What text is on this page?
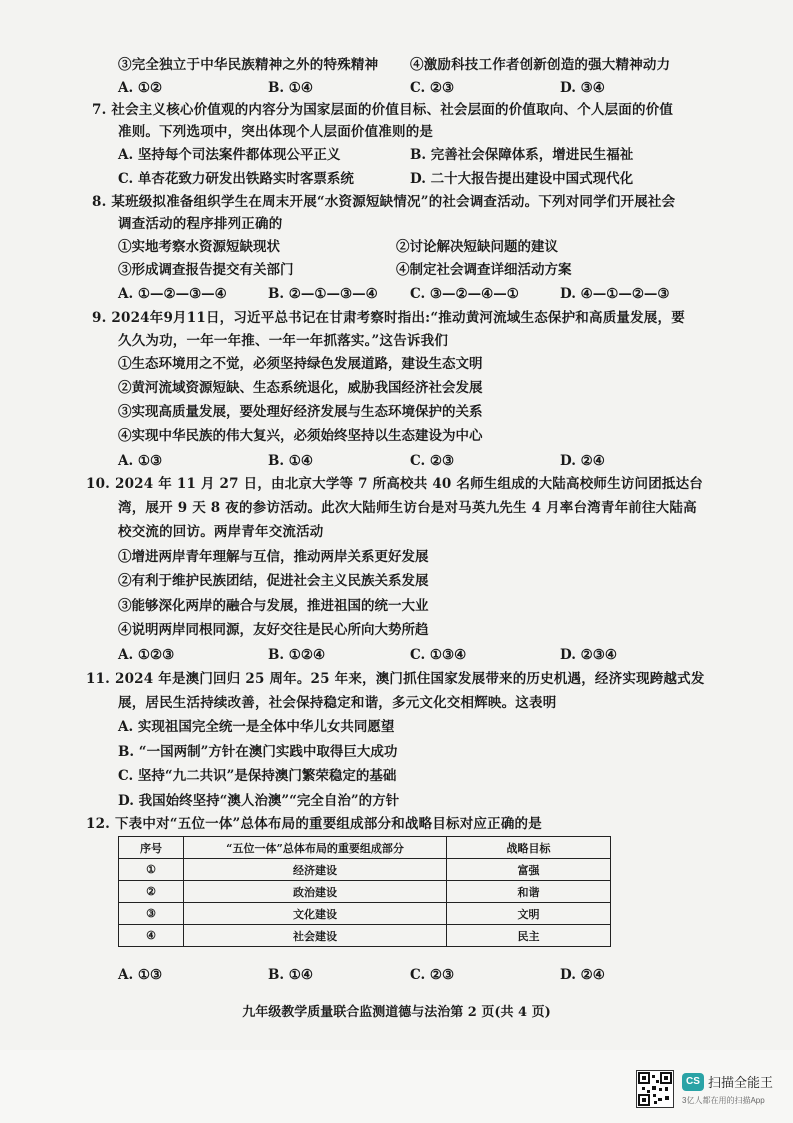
③完全独立于中华民族精神之外的特殊精神 ④激励科技工作者创新创造的强大精神动力
A. ①②	B. ①④	C. ②③	D. ③④
7. 社会主义核心价值观的内容分为国家层面的价值目标、社会层面的价值取向、个人层面的价值
准则。下列选项中，突出体现个人层面价值准则的是
A. 坚持每个司法案件都体现公平正义	B. 完善社会保障体系，增进民生福祉
C. 单杏花致力研发出铁路实时客票系统	D. 二十大报告提出建设中国式现代化
8. 某班级拟准备组织学生在周末开展“水资源短缺情况”的社会调查活动。下列对同学们开展社会
调查活动的程序排列正确的
①实地考察水资源短缺现状	②讨论解决短缺问题的建议
③形成调查报告提交有关部门	④制定社会调查详细活动方案
A. ①—②—③—④	B. ②—①—③—④ C. ③—②—④—①	D. ④—①—②—③
9. 2024年9月11日，习近平总书记在甘肃考察时指出:“推动黄河流域生态保护和高质量发展，要
久久为功，一年一年推、一年一年抓落实。”这告诉我们
①生态环境用之不觉，必须坚持绿色发展道路，建设生态文明
②黄河流域资源短缺、生态系统退化，威胁我国经济社会发展
③实现高质量发展，要处理好经济发展与生态环境保护的关系
④实现中华民族的伟大复兴，必须始终坚持以生态建设为中心
A. ①③	B. ①④	C. ②③	D. ②④
10. 2024 年 11 月 27 日，由北京大学等 7 所高校共 40 名师生组成的大陆高校师生访问团抵达台
湾，展开 9 天 8 夜的参访活动。此次大陆师生访台是对马英九先生 4 月率台湾青年前往大陆高
校交流的回访。两岸青年交流活动
①增进两岸青年理解与互信，推动两岸关系更好发展
②有利于维护民族团结，促进社会主义民族关系发展
③能够深化两岸的融合与发展，推进祖国的统一大业
④说明两岸同根同源，友好交往是民心所向大势所趋
A. ①②③	B. ①②④	C. ①③④	D. ②③④
11. 2024 年是澳门回归 25 周年。25 年来，澳门抓住国家发展带来的历史机遇，经济实现跨越式发
展，居民生活持续改善，社会保持稳定和谐，多元文化交相辉映。这表明
A. 实现祖国完全统一是全体中华儿女共同愿望
B. “一国两制”方针在澳门实践中取得巨大成功
C. 坚持“九二共识”是保持澳门繁荣稳定的基础
D. 我国始终坚持“澳人治澳”“完全自治”的方针
12. 下表中对“五位一体”总体布局的重要组成部分和战略目标对应正确的是
序号	“五位一体”总体布局的重要组成部分	战略目标
①	经济建设	富强
②	政治建设	和谐
③	文化建设	文明
④	社会建设	民主
A. ①③	B. ①④	C. ②③	D. ②④
九年级教学质量联合监测道德与法治第 2 页(共 4 页)
CS 扫描全能王
3亿人都在用的扫描App
